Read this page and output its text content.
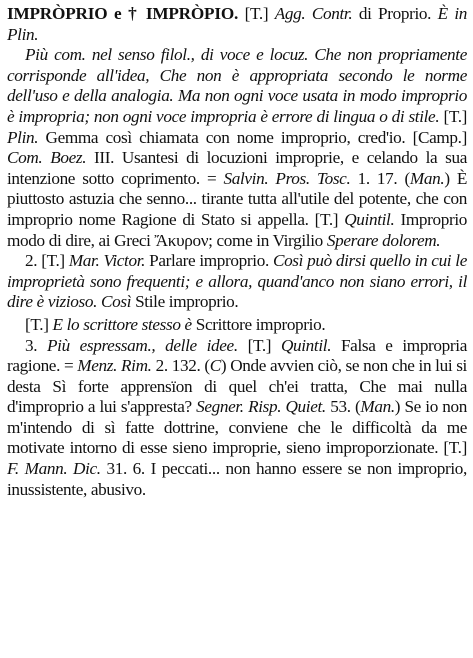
IMPRÒPRIO e † IMPRÒPIO. [T.] Agg. Contr. di Proprio. È in Plin.

Più com. nel senso filol., di voce e locuz. Che non propriamente corrisponde all'idea, Che non è appropriata secondo le norme dell'uso e della analogia. Ma non ogni voce usata in modo improprio è impropria; non ogni voce impropria è errore di lingua o di stile. [T.] Plin. Gemma così chiamata con nome improprio, cred'io. [Camp.] Com. Boez. III. Usantesi di locuzioni improprie, e celando la sua intenzione sotto coprimento. = Salvin. Pros. Tosc. 1. 17. (Man.) È piuttosto astuzia che senno... tirante tutta all'utile del potente, che con improprio nome Ragione di Stato si appella. [T.] Quintil. Improprio modo di dire, ai Greci Ἄκυρον; come in Virgilio Sperare dolorem.

2. [T.] Mar. Victor. Parlare improprio. Così può dirsi quello in cui le improprietà sono frequenti; e allora, quand'anco non siano errori, il dire è vizioso. Così Stile improprio.

[T.] E lo scrittore stesso è Scrittore improprio.

3. Più espressam., delle idee. [T.] Quintil. Falsa e impropria ragione. = Menz. Rim. 2. 132. (C) Onde avvien ciò, se non che in lui si desta Sì forte apprensïon di quel ch'ei tratta, Che mai nulla d'improprio a lui s'appresta? Segner. Risp. Quiet. 53. (Man.) Se io non m'intendo di sì fatte dottrine, conviene che le difficoltà da me motivate intorno di esse sieno improprie, sieno improporzionate. [T.] F. Mann. Dic. 31. 6. I peccati... non hanno essere se non improprio, inussistente, abusivo.
